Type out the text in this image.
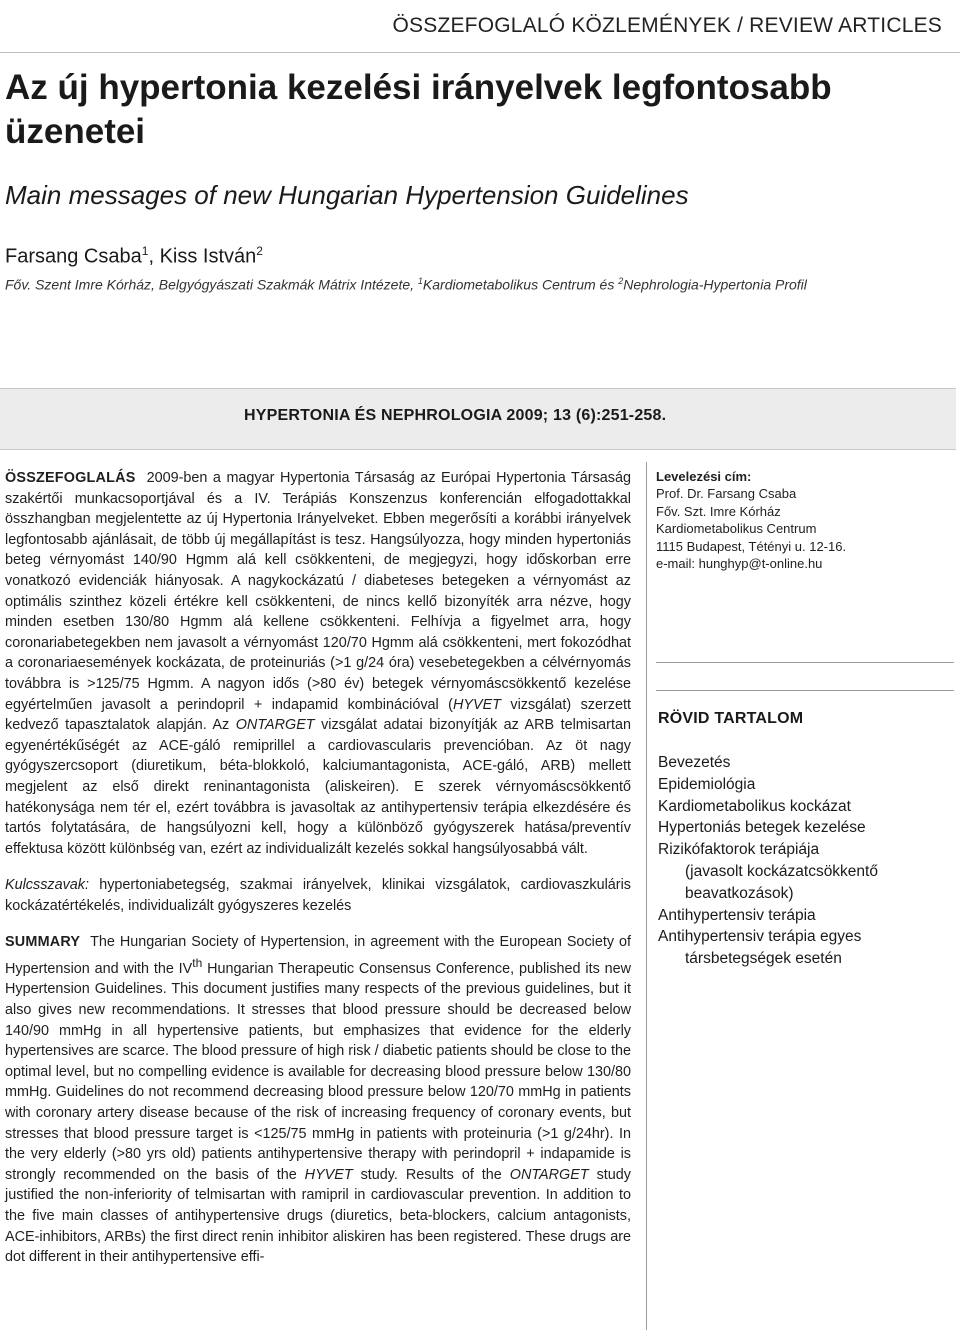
ÖSSZEFOGLALÓ KÖZLEMÉNYEK / REVIEW ARTICLES
Az új hypertonia kezelési irányelvek legfontosabb üzenetei
Main messages of new Hungarian Hypertension Guidelines
Farsang Csaba$^1$, Kiss István$^2$
Főv. Szent Imre Kórház, Belgyógyászati Szakmák Mátrix Intézete, $^1$Kardiometabolikus Centrum és $^2$Nephrologia-Hypertonia Profil
HYPERTONIA ÉS NEPHROLOGIA 2009; 13 (6):251-258.

ÖSSZEFOGLALÁS 2009-ben a magyar Hypertonia Társaság az Európai Hypertonia Társaság szakértői munkacsoportjával és a IV. Terápiás Konszenzus konferencián elfogadottakkal összhangban megjelentette az új Hypertonia Irányelveket. Ebben megerősíti a korábbi irányelvek legfontosabb ajánlásait, de több új megállapítást is tesz. Hangsúlyozza, hogy minden hypertoniás beteg vérnyomást 140/90 Hgmm alá kell csökkenteni, de megjegyzi, hogy időskorban erre vonatkozó evidenciák hiányosak. A nagykockázatú / diabeteses betegeken a vérnyomást az optimális szinthez közeli értékre kell csökkenteni, de nincs kellő bizonyíték arra nézve, hogy minden esetben 130/80 Hgmm alá kellene csökkenteni. Felhívja a figyelmet arra, hogy coronariabetegekben nem javasolt a vérnyomást 120/70 Hgmm alá csökkenteni, mert fokozódhat a coronariaesemények kockázata, de proteinuriás (>1 g/24 óra) vesebetegekben a célvérnyomás továbbra is >125/75 Hgmm. A nagyon idős (>80 év) betegek vérnyomáscsökkentő kezelése egyértelműen javasolt a perindopril + indapamid kombinációval (HYVET vizsgálat) szerzett kedvező tapasztalatok alapján. Az ONTARGET vizsgálat adatai bizonyítják az ARB telmisartan egyenértékűségét az ACE-gáló remiprillel a cardiovascularis prevencióban. Az öt nagy gyógyszercsoport (diuretikum, béta-blokkoló, kalciumantagonista, ACE-gáló, ARB) mellett megjelent az első direkt reninantagonista (aliskeiren). E szerek vérnyomáscsökkentő hatékonysága nem tér el, ezért továbbra is javasoltak az antihypertensiv terápia elkezdésére és tartós folytatására, de hangsúlyozni kell, hogy a különböző gyógyszerek hatása/preventív effektusa között különbség van, ezért az individualizált kezelés sokkal hangsúlyosabbá vált.

Kulcsszavak: hypertoniabetegség, szakmai irányelvek, klinikai vizsgálatok, cardiovaszkuláris kockázatértékelés, individualizált gyógyszeres kezelés

SUMMARY The Hungarian Society of Hypertension, in agreement with the European Society of Hypertension and with the IVth Hungarian Therapeutic Consensus Conference, published its new Hypertension Guidelines. This document justifies many respects of the previous guidelines, but it also gives new recommendations. It stresses that blood pressure should be decreased below 140/90 mmHg in all hypertensive patients, but emphasizes that evidence for the elderly hypertensives are scarce. The blood pressure of high risk / diabetic patients should be close to the optimal level, but no compelling evidence is available for decreasing blood pressure below 130/80 mmHg. Guidelines do not recommend decreasing blood pressure below 120/70 mmHg in patients with coronary artery disease because of the risk of increasing frequency of coronary events, but stresses that blood pressure target is <125/75 mmHg in patients with proteinuria (>1 g/24hr). In the very elderly (>80 yrs old) patients antihypertensive therapy with perindopril + indapamide is strongly recommended on the basis of the HYVET study. Results of the ONTARGET study justified the non-inferiority of telmisartan with ramipril in cardiovascular prevention. In addition to the five main classes of antihypertensive drugs (diuretics, beta-blockers, calcium antagonists, ACE-inhibitors, ARBs) the first direct renin inhibitor aliskiren has been registered. These drugs are dot different in their antihypertensive effi-

Levelezési cím:
Prof. Dr. Farsang Csaba
Főv. Szt. Imre Kórház
Kardiometabolikus Centrum
1115 Budapest, Tétényi u. 12-16.
e-mail: hunghyp@t-online.hu
RÖVID TARTALOM
Bevezetés
Epidemiológia
Kardiometabolikus kockázat
Hypertoniás betegek kezelése
Rizikófaktorok terápiája
(javasolt kockázatcsökkentő
beavatkozások)
Antihypertensiv terápia
Antihypertensiv terápia egyes
társbetegségek esetén
